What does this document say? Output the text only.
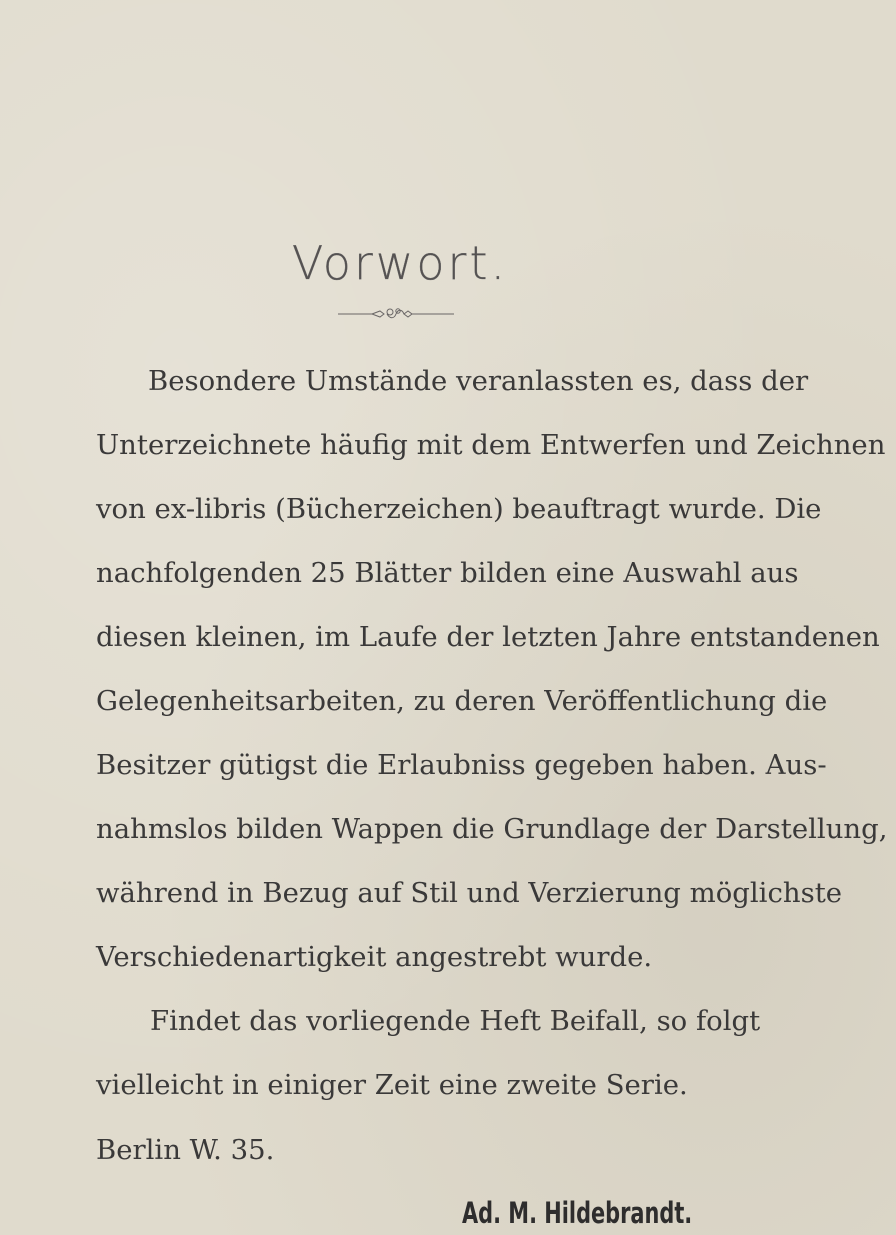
Vorwort.
Besondere Umstände veranlassten es, dass der
Unterzeichnete häufig mit dem Entwerfen und Zeichnen
von ex-libris (Bücherzeichen) beauftragt wurde. Die
nachfolgenden 25 Blätter bilden eine Auswahl aus
diesen kleinen, im Laufe der letzten Jahre entstandenen
Gelegenheitsarbeiten, zu deren Veröffentlichung die
Besitzer gütigst die Erlaubniss gegeben haben. Aus-
nahmslos bilden Wappen die Grundlage der Darstellung,
während in Bezug auf Stil und Verzierung möglichste
Verschiedenartigkeit angestrebt wurde.
Findet das vorliegende Heft Beifall, so folgt
vielleicht in einiger Zeit eine zweite Serie.
Berlin W. 35.
Ad. M. Hildebrandt.
